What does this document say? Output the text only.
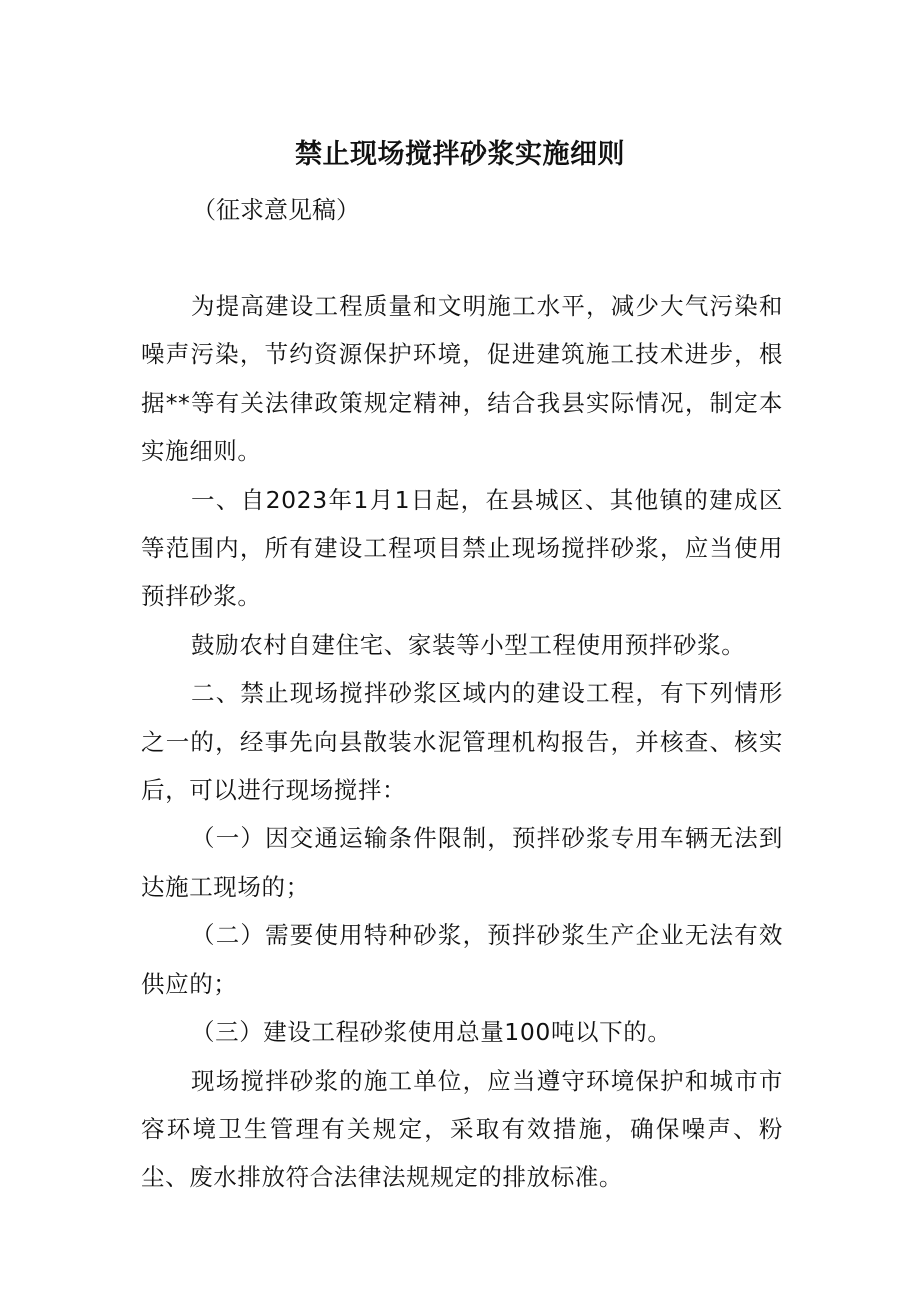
禁止现场搅拌砂浆实施细则
（征求意见稿）

为提高建设工程质量和文明施工水平，减少大气污染和噪声污染，节约资源保护环境，促进建筑施工技术进步，根据**等有关法律政策规定精神，结合我县实际情况，制定本实施细则。

一、自2023年1月1日起，在县城区、其他镇的建成区等范围内，所有建设工程项目禁止现场搅拌砂浆，应当使用预拌砂浆。

鼓励农村自建住宅、家装等小型工程使用预拌砂浆。

二、禁止现场搅拌砂浆区域内的建设工程，有下列情形之一的，经事先向县散装水泥管理机构报告，并核查、核实后，可以进行现场搅拌：

（一）因交通运输条件限制，预拌砂浆专用车辆无法到达施工现场的；

（二）需要使用特种砂浆，预拌砂浆生产企业无法有效供应的；

（三）建设工程砂浆使用总量100吨以下的。

现场搅拌砂浆的施工单位，应当遵守环境保护和城市市容环境卫生管理有关规定，采取有效措施，确保噪声、粉尘、废水排放符合法律法规规定的排放标准。
